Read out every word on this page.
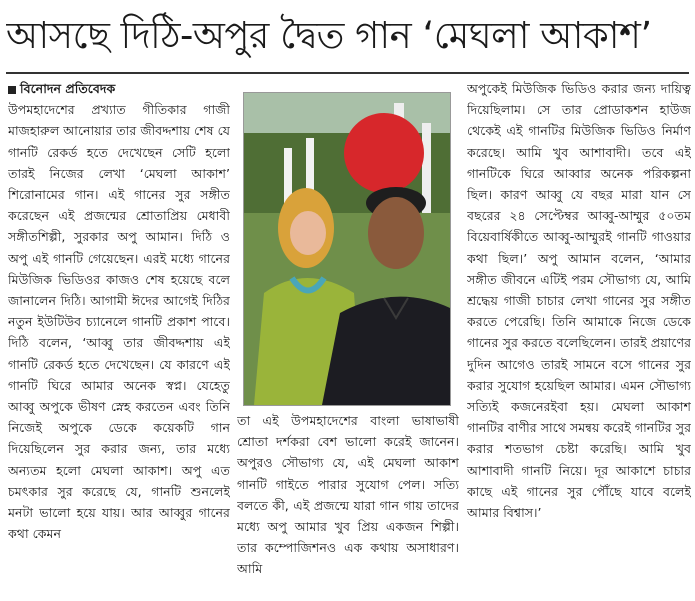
আসছে দিঠি-অপুর দ্বৈত গান ‘মেঘলা আকাশ’
বিনোদন প্রতিবেদক
উপমহাদেশের প্রখ্যাত গীতিকার গাজী মাজহারুল আনোয়ার তার জীবদ্দশায় শেষ যে গানটি রেকর্ড হতে দেখেছেন সেটি হলো তারই নিজের লেখা ‘মেঘলা আকাশ’ শিরোনামের গান। এই গানের সুর সঙ্গীত করেছেন এই প্রজন্মের শ্রোতাপ্রিয় মেধাবী সঙ্গীতশিল্পী, সুরকার অপু আমান। দিঠি ও অপু এই গানটি গেয়েছেন। এরই মধ্যে গানের মিউজিক ভিডিওর কাজও শেষ হয়েছে বলে জানালেন দিঠি। আগামী ঈদের আগেই দিঠির নতুন ইউটিউব চ্যানেলে গানটি প্রকাশ পাবে। দিঠি বলেন, ‘আব্বু তার জীবদ্দশায় এই গানটি রেকর্ড হতে দেখেছেন। যে কারণে এই গানটি ঘিরে আমার অনেক স্বপ্ন। যেহেতু আব্বু অপুকে ভীষণ স্নেহ করতেন এবং তিনি নিজেই অপুকে ডেকে কয়েকটি গান দিয়েছিলেন সুর করার জন্য, তার মধ্যে অন্যতম হলো মেঘলা আকাশ। অপু এত চমৎকার সুর করেছে যে, গানটি শুনলেই মনটা ভালো হয়ে যায়। আর আব্বুর গানের কথা কেমন
তা এই উপমহাদেশের বাংলা ভাষাভাষী শ্রোতা দর্শকরা বেশ ভালো করেই জানেন। অপুরও সৌভাগ্য যে, এই মেঘলা আকাশ গানটি গাইতে পারার সুযোগ পেল। সত্যি বলতে কী, এই প্রজন্মে যারা গান গায় তাদের মধ্যে অপু আমার খুব প্রিয় একজন শিল্পী। তার কম্পোজিশনও এক কথায় অসাধারণ। আমি
অপুকেই মিউজিক ভিডিও করার জন্য দায়িত্ব দিয়েছিলাম। সে তার প্রোডাকশন হাউজ থেকেই এই গানটির মিউজিক ভিডিও নির্মাণ করেছে। আমি খুব আশাবাদী। তবে এই গানটিকে ঘিরে আব্বার অনেক পরিকল্পনা ছিল। কারণ আব্বু যে বছর মারা যান সে বছরের ২৪ সেপ্টেম্বর আব্বু-আম্মুর ৫০তম বিয়েবার্ষিকীতে আব্বু-আম্মুরই গানটি গাওয়ার কথা ছিল।’ অপু আমান বলেন, ‘আমার সঙ্গীত জীবনে এটিই পরম সৌভাগ্য যে, আমি শ্রদ্ধেয় গাজী চাচার লেখা গানের সুর সঙ্গীত করতে পেরেছি। তিনি আমাকে নিজে ডেকে গানের সুর করতে বলেছিলেন। তারই প্রয়াণের দুদিন আগেও তারই সামনে বসে গানের সুর করার সুযোগ হয়েছিল আমার। এমন সৌভাগ্য সত্যিই কজনেরইবা হয়। মেঘলা আকাশ গানটির বাণীর সাথে সমন্বয় করেই গানটির সুর করার শতভাগ চেষ্টা করেছি। আমি খুব আশাবাদী গানটি নিয়ে। দূর আকাশে চাচার কাছে এই গানের সুর পৌঁছে যাবে বলেই আমার বিশ্বাস।’
